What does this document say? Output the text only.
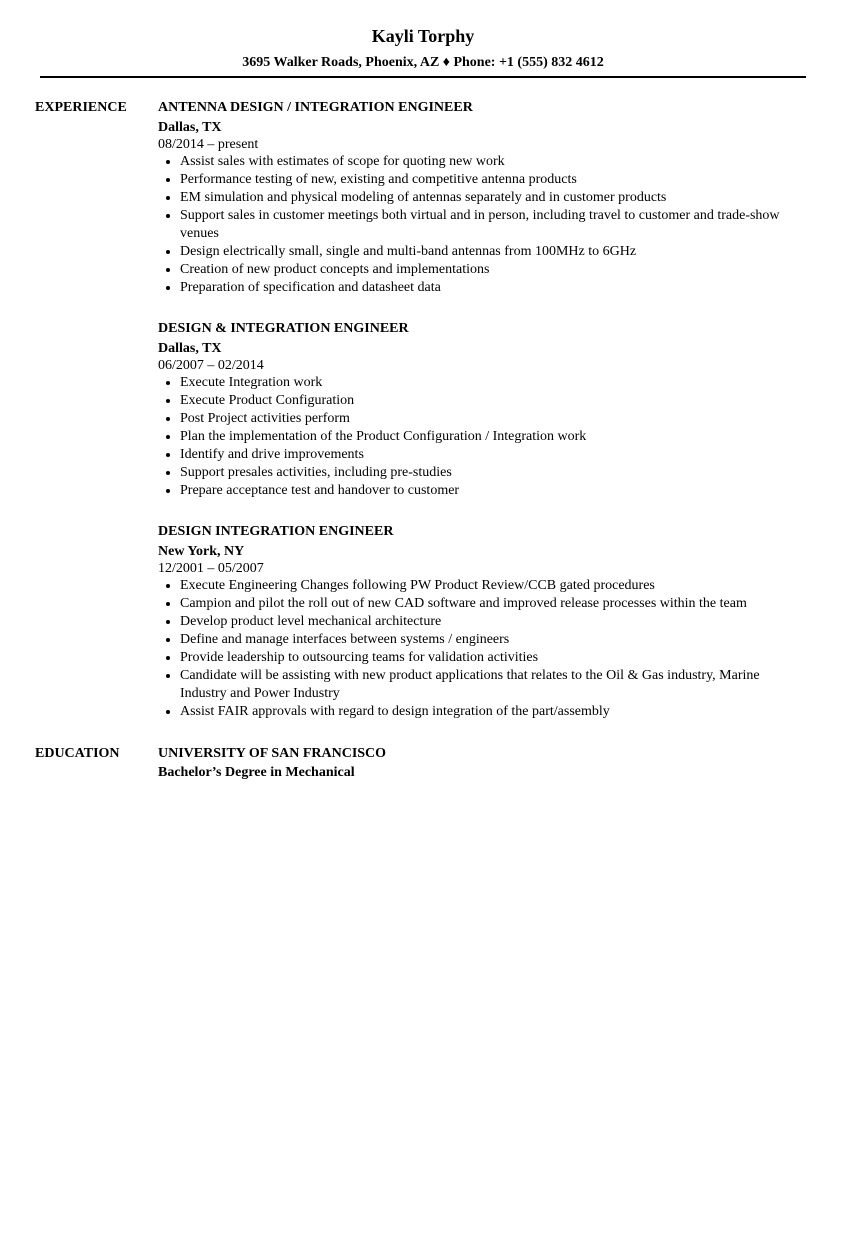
Kayli Torphy
3695 Walker Roads, Phoenix, AZ ♦ Phone: +1 (555) 832 4612
EXPERIENCE ANTENNA DESIGN / INTEGRATION ENGINEER
Dallas, TX
08/2014 – present
Assist sales with estimates of scope for quoting new work
Performance testing of new, existing and competitive antenna products
EM simulation and physical modeling of antennas separately and in customer products
Support sales in customer meetings both virtual and in person, including travel to customer and trade-show venues
Design electrically small, single and multi-band antennas from 100MHz to 6GHz
Creation of new product concepts and implementations
Preparation of specification and datasheet data
DESIGN & INTEGRATION ENGINEER
Dallas, TX
06/2007 – 02/2014
Execute Integration work
Execute Product Configuration
Post Project activities perform
Plan the implementation of the Product Configuration / Integration work
Identify and drive improvements
Support presales activities, including pre-studies
Prepare acceptance test and handover to customer
DESIGN INTEGRATION ENGINEER
New York, NY
12/2001 – 05/2007
Execute Engineering Changes following PW Product Review/CCB gated procedures
Campion and pilot the roll out of new CAD software and improved release processes within the team
Develop product level mechanical architecture
Define and manage interfaces between systems / engineers
Provide leadership to outsourcing teams for validation activities
Candidate will be assisting with new product applications that relates to the Oil & Gas industry, Marine Industry and Power Industry
Assist FAIR approvals with regard to design integration of the part/assembly
EDUCATION	UNIVERSITY OF SAN FRANCISCO
Bachelor’s Degree in Mechanical
